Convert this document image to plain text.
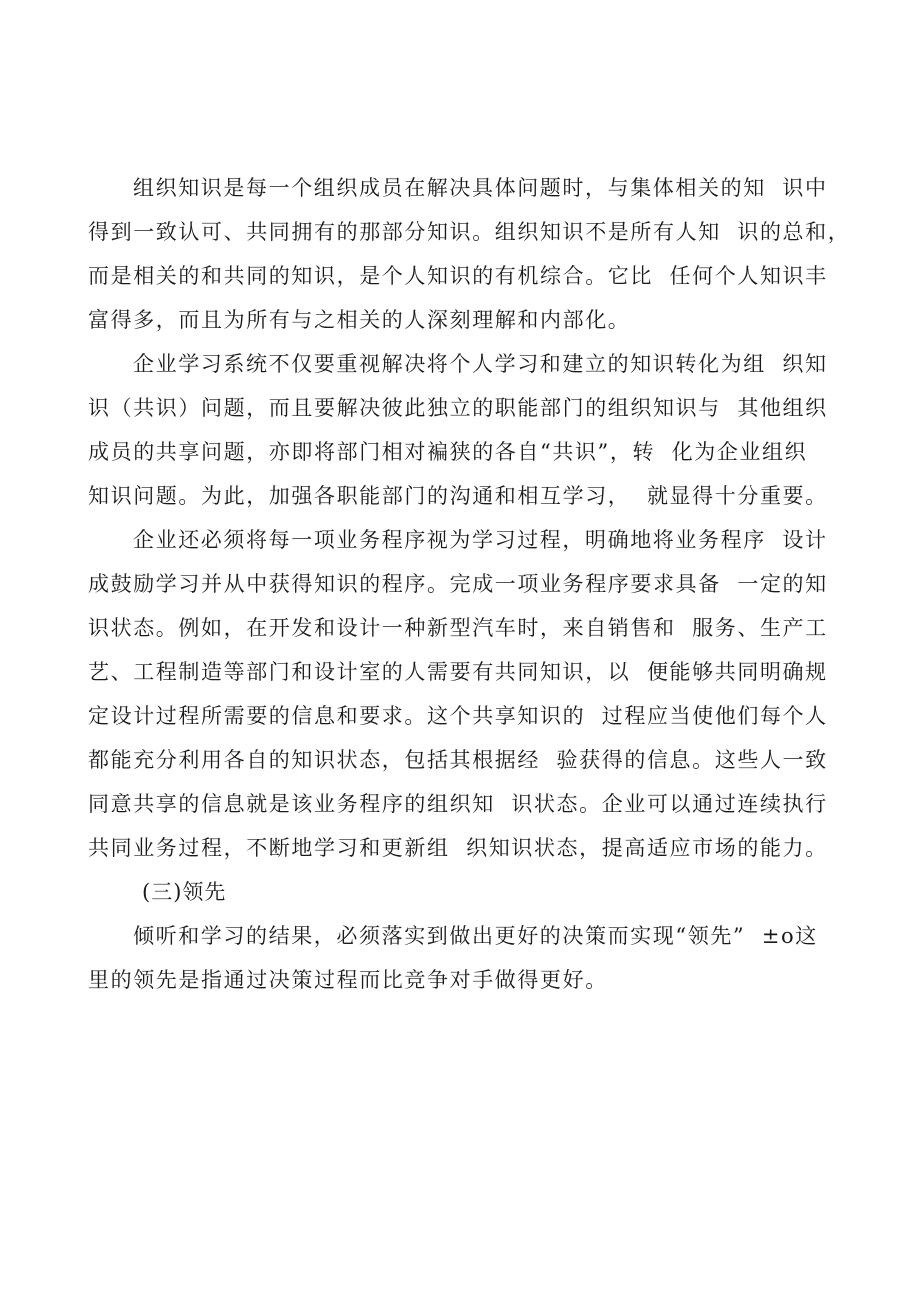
组织知识是每一个组织成员在解决具体问题时，与集体相关的知  识中
得到一致认可、共同拥有的那部分知识。组织知识不是所有人知  识的总和，
而是相关的和共同的知识，是个人知识的有机综合。它比  任何个人知识丰
富得多，而且为所有与之相关的人深刻理解和内部化。
企业学习系统不仅要重视解决将个人学习和建立的知识转化为组  织知
识（共识）问题，而且要解决彼此独立的职能部门的组织知识与  其他组织
成员的共享问题，亦即将部门相对褊狭的各自“共识”，转  化为企业组织
知识问题。为此，加强各职能部门的沟通和相互学习，  就显得十分重要。
企业还必须将每一项业务程序视为学习过程，明确地将业务程序  设计
成鼓励学习并从中获得知识的程序。完成一项业务程序要求具备  一定的知
识状态。例如，在开发和设计一种新型汽车时，来自销售和  服务、生产工
艺、工程制造等部门和设计室的人需要有共同知识，以  便能够共同明确规
定设计过程所需要的信息和要求。这个共享知识的  过程应当使他们每个人
都能充分利用各自的知识状态，包括其根据经  验获得的信息。这些人一致
同意共享的信息就是该业务程序的组织知  识状态。企业可以通过连续执行
共同业务过程，不断地学习和更新组  织知识状态，提高适应市场的能力。
(三)领先
倾听和学习的结果，必须落实到做出更好的决策而实现“领先”  ±o这
里的领先是指通过决策过程而比竞争对手做得更好。
